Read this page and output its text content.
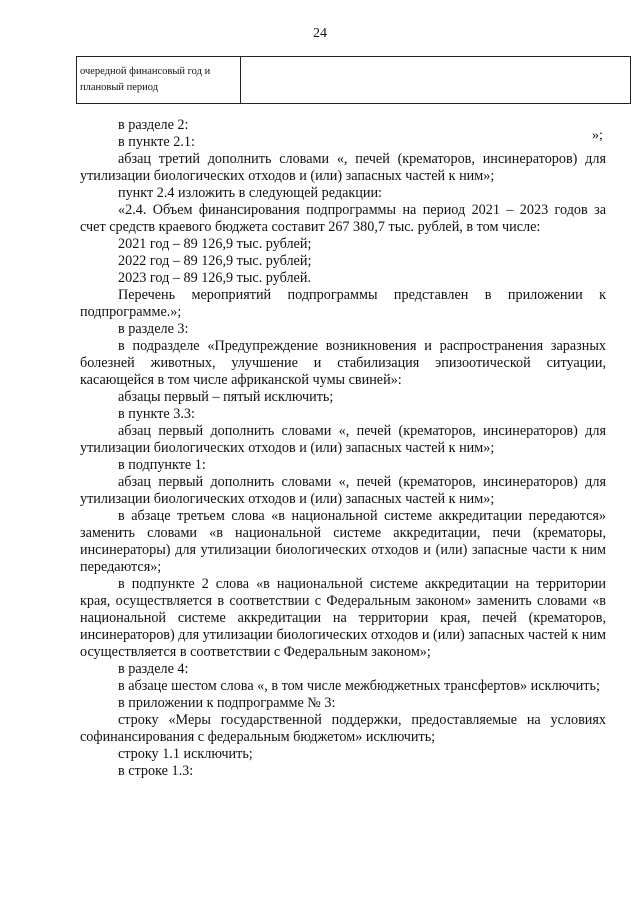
24
очередной финансовый год и плановый период
»;

в разделе 2:

в пункте 2.1:

абзац третий дополнить словами «, печей (крематоров, инсинераторов) для утилизации биологических отходов и (или) запасных частей к ним»;

пункт 2.4 изложить в следующей редакции:

«2.4. Объем финансирования подпрограммы на период 2021 – 2023 годов за счет средств краевого бюджета составит 267 380,7 тыс. рублей, в том числе:

2021 год – 89 126,9 тыс. рублей;

2022 год – 89 126,9 тыс. рублей;

2023 год – 89 126,9 тыс. рублей.

Перечень мероприятий подпрограммы представлен в приложении к подпрограмме.»;

в разделе 3:

в подразделе «Предупреждение возникновения и распространения заразных болезней животных, улучшение и стабилизация эпизоотической ситуации, касающейся в том числе африканской чумы свиней»:

абзацы первый – пятый исключить;

в пункте 3.3:

абзац первый дополнить словами «, печей (крематоров, инсинераторов) для утилизации биологических отходов и (или) запасных частей к ним»;

в подпункте 1:

абзац первый дополнить словами «, печей (крематоров, инсинераторов) для утилизации биологических отходов и (или) запасных частей к ним»;

в абзаце третьем слова «в национальной системе аккредитации передаются» заменить словами «в национальной системе аккредитации, печи (крематоры, инсинераторы) для утилизации биологических отходов и (или) запасные части к ним передаются»;

в подпункте 2 слова «в национальной системе аккредитации на территории края, осуществляется в соответствии с Федеральным законом» заменить словами «в национальной системе аккредитации на территории края, печей (крематоров, инсинераторов) для утилизации биологических отходов и (или) запасных частей к ним осуществляется в соответствии с Федеральным законом»;

в разделе 4:

в абзаце шестом слова «, в том числе межбюджетных трансфертов» исключить;

в приложении к подпрограмме № 3:

строку «Меры государственной поддержки, предоставляемые на условиях софинансирования с федеральным бюджетом» исключить;

строку 1.1 исключить;

в строке 1.3:
